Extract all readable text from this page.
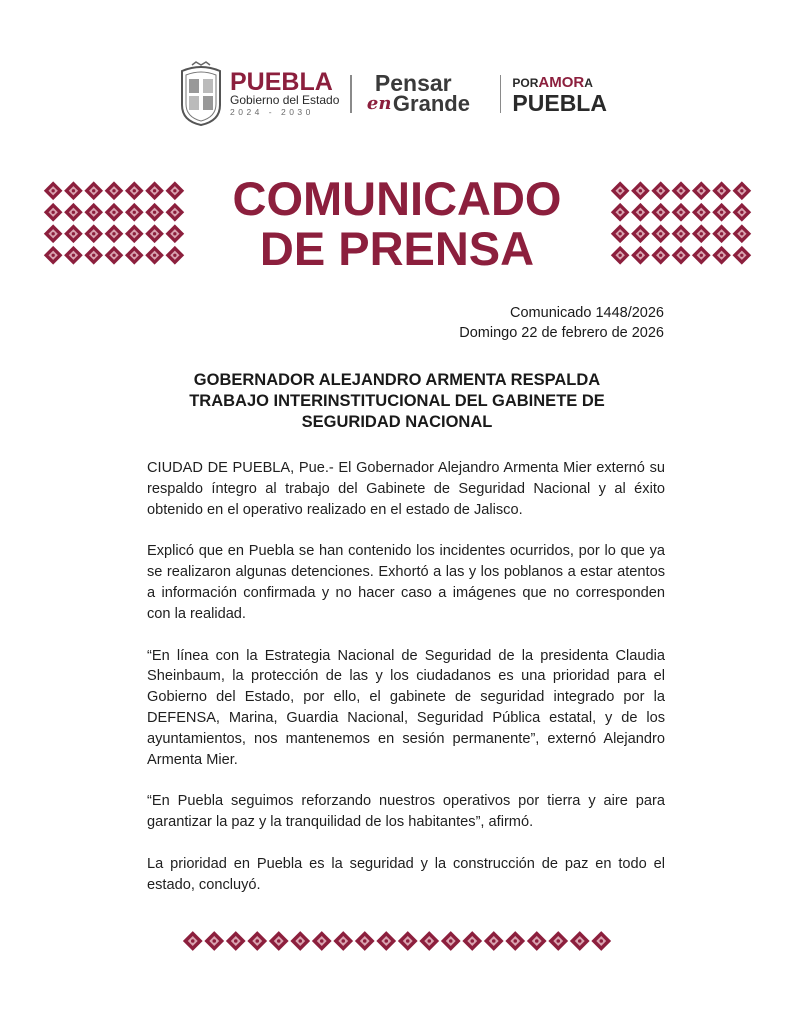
PUEBLA
Gobierno del Estado
2024 - 2030
Pensar
en Grande
PORAMORA
PUEBLA
COMUNICADO
DE PRENSA
Comunicado 1448/2026
Domingo 22 de febrero de 2026
GOBERNADOR ALEJANDRO ARMENTA RESPALDA
TRABAJO INTERINSTITUCIONAL DEL GABINETE DE
SEGURIDAD NACIONAL

CIUDAD DE PUEBLA, Pue.- El Gobernador Alejandro Armenta Mier externó su respaldo íntegro al trabajo del Gabinete de Seguridad Nacional y al éxito obtenido en el operativo realizado en el estado de Jalisco.

Explicó que en Puebla se han contenido los incidentes ocurridos, por lo que ya se realizaron algunas detenciones. Exhortó a las y los poblanos a estar atentos a información confirmada y no hacer caso a imágenes que no corresponden con la realidad.

“En línea con la Estrategia Nacional de Seguridad de la presidenta Claudia Sheinbaum, la protección de las y los ciudadanos es una prioridad para el Gobierno del Estado, por ello, el gabinete de seguridad integrado por la DEFENSA, Marina, Guardia Nacional, Seguridad Pública estatal, y de los ayuntamientos, nos mantenemos en sesión permanente”, externó Alejandro Armenta Mier.

“En Puebla seguimos reforzando nuestros operativos por tierra y aire para garantizar la paz y la tranquilidad de los habitantes”, afirmó.

La prioridad en Puebla es la seguridad y la construcción de paz en todo el estado, concluyó.
